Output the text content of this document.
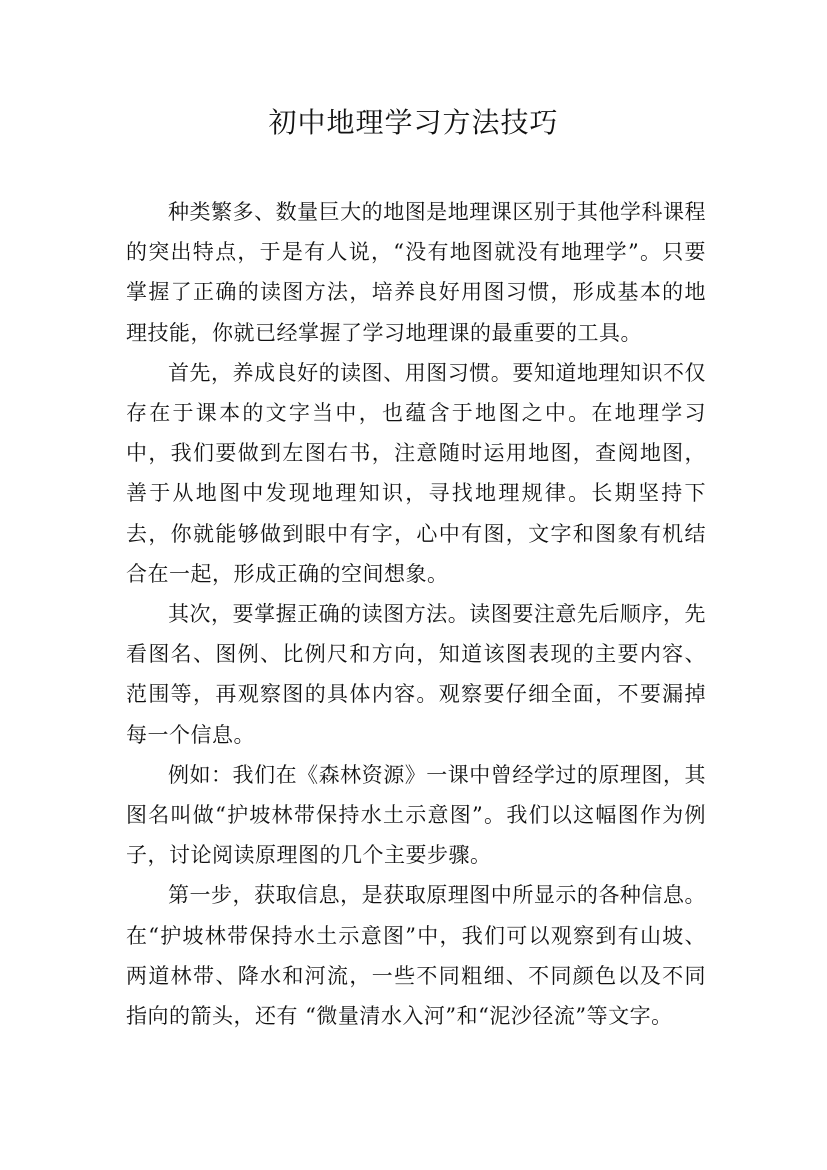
初中地理学习方法技巧

种类繁多、数量巨大的地图是地理课区别于其他学科课程的突出特点，于是有人说，“没有地图就没有地理学”。只要掌握了正确的读图方法，培养良好用图习惯，形成基本的地理技能，你就已经掌握了学习地理课的最重要的工具。

首先，养成良好的读图、用图习惯。要知道地理知识不仅存在于课本的文字当中，也蕴含于地图之中。在地理学习中，我们要做到左图右书，注意随时运用地图，查阅地图，善于从地图中发现地理知识，寻找地理规律。长期坚持下去，你就能够做到眼中有字，心中有图，文字和图象有机结合在一起，形成正确的空间想象。

其次，要掌握正确的读图方法。读图要注意先后顺序，先看图名、图例、比例尺和方向，知道该图表现的主要内容、范围等，再观察图的具体内容。观察要仔细全面，不要漏掉每一个信息。

例如：我们在《森林资源》一课中曾经学过的原理图，其图名叫做“护坡林带保持水土示意图”。我们以这幅图作为例子，讨论阅读原理图的几个主要步骤。

第一步，获取信息，是获取原理图中所显示的各种信息。在“护坡林带保持水土示意图”中，我们可以观察到有山坡、两道林带、降水和河流，一些不同粗细、不同颜色以及不同指向的箭头，还有 “微量清水入河”和“泥沙径流”等文字。
